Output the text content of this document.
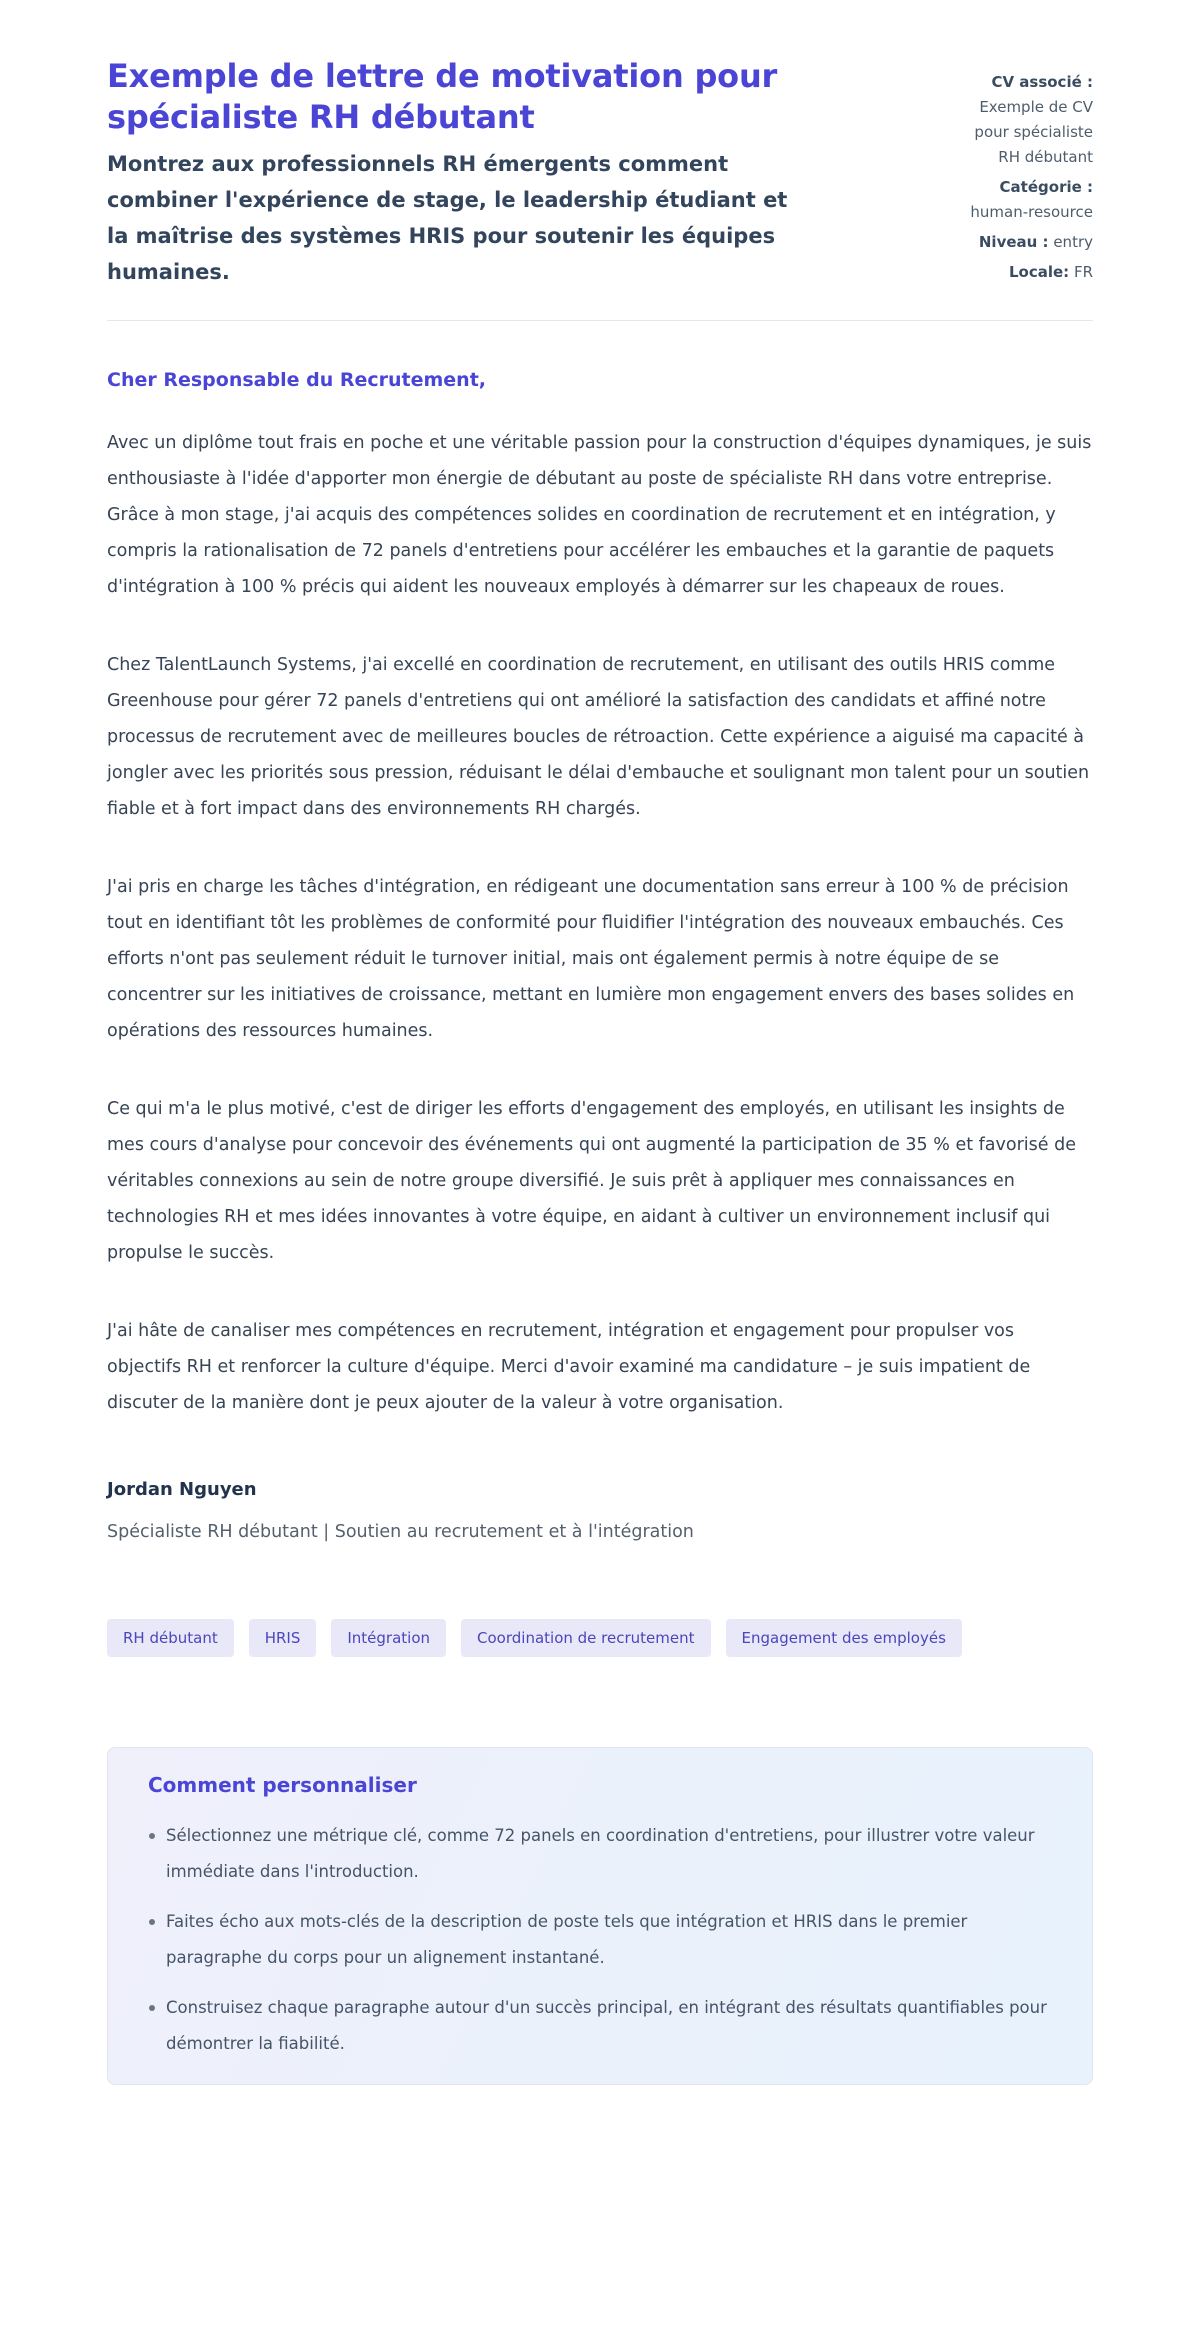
Exemple de lettre de motivation pour spécialiste RH débutant

Montrez aux professionnels RH émergents comment combiner l'expérience de stage, le leadership étudiant et la maîtrise des systèmes HRIS pour soutenir les équipes humaines.

CV associé :
Exemple de CV pour spécialiste RH débutant
Catégorie :
human-resource
Niveau : entry
Locale: FR

Cher Responsable du Recrutement,

Avec un diplôme tout frais en poche et une véritable passion pour la construction d'équipes dynamiques, je suis enthousiaste à l'idée d'apporter mon énergie de débutant au poste de spécialiste RH dans votre entreprise. Grâce à mon stage, j'ai acquis des compétences solides en coordination de recrutement et en intégration, y compris la rationalisation de 72 panels d'entretiens pour accélérer les embauches et la garantie de paquets d'intégration à 100 % précis qui aident les nouveaux employés à démarrer sur les chapeaux de roues.

Chez TalentLaunch Systems, j'ai excellé en coordination de recrutement, en utilisant des outils HRIS comme Greenhouse pour gérer 72 panels d'entretiens qui ont amélioré la satisfaction des candidats et affiné notre processus de recrutement avec de meilleures boucles de rétroaction. Cette expérience a aiguisé ma capacité à jongler avec les priorités sous pression, réduisant le délai d'embauche et soulignant mon talent pour un soutien fiable et à fort impact dans des environnements RH chargés.

J'ai pris en charge les tâches d'intégration, en rédigeant une documentation sans erreur à 100 % de précision tout en identifiant tôt les problèmes de conformité pour fluidifier l'intégration des nouveaux embauchés. Ces efforts n'ont pas seulement réduit le turnover initial, mais ont également permis à notre équipe de se concentrer sur les initiatives de croissance, mettant en lumière mon engagement envers des bases solides en opérations des ressources humaines.

Ce qui m'a le plus motivé, c'est de diriger les efforts d'engagement des employés, en utilisant les insights de mes cours d'analyse pour concevoir des événements qui ont augmenté la participation de 35 % et favorisé de véritables connexions au sein de notre groupe diversifié. Je suis prêt à appliquer mes connaissances en technologies RH et mes idées innovantes à votre équipe, en aidant à cultiver un environnement inclusif qui propulse le succès.

J'ai hâte de canaliser mes compétences en recrutement, intégration et engagement pour propulser vos objectifs RH et renforcer la culture d'équipe. Merci d'avoir examiné ma candidature – je suis impatient de discuter de la manière dont je peux ajouter de la valeur à votre organisation.

Jordan Nguyen

Spécialiste RH débutant | Soutien au recrutement et à l'intégration

RH débutant	HRIS	Intégration	Coordination de recrutement	Engagement des employés
Comment personnaliser
Sélectionnez une métrique clé, comme 72 panels en coordination d'entretiens, pour illustrer votre valeur immédiate dans l'introduction.
Faites écho aux mots-clés de la description de poste tels que intégration et HRIS dans le premier paragraphe du corps pour un alignement instantané.
Construisez chaque paragraphe autour d'un succès principal, en intégrant des résultats quantifiables pour démontrer la fiabilité.
